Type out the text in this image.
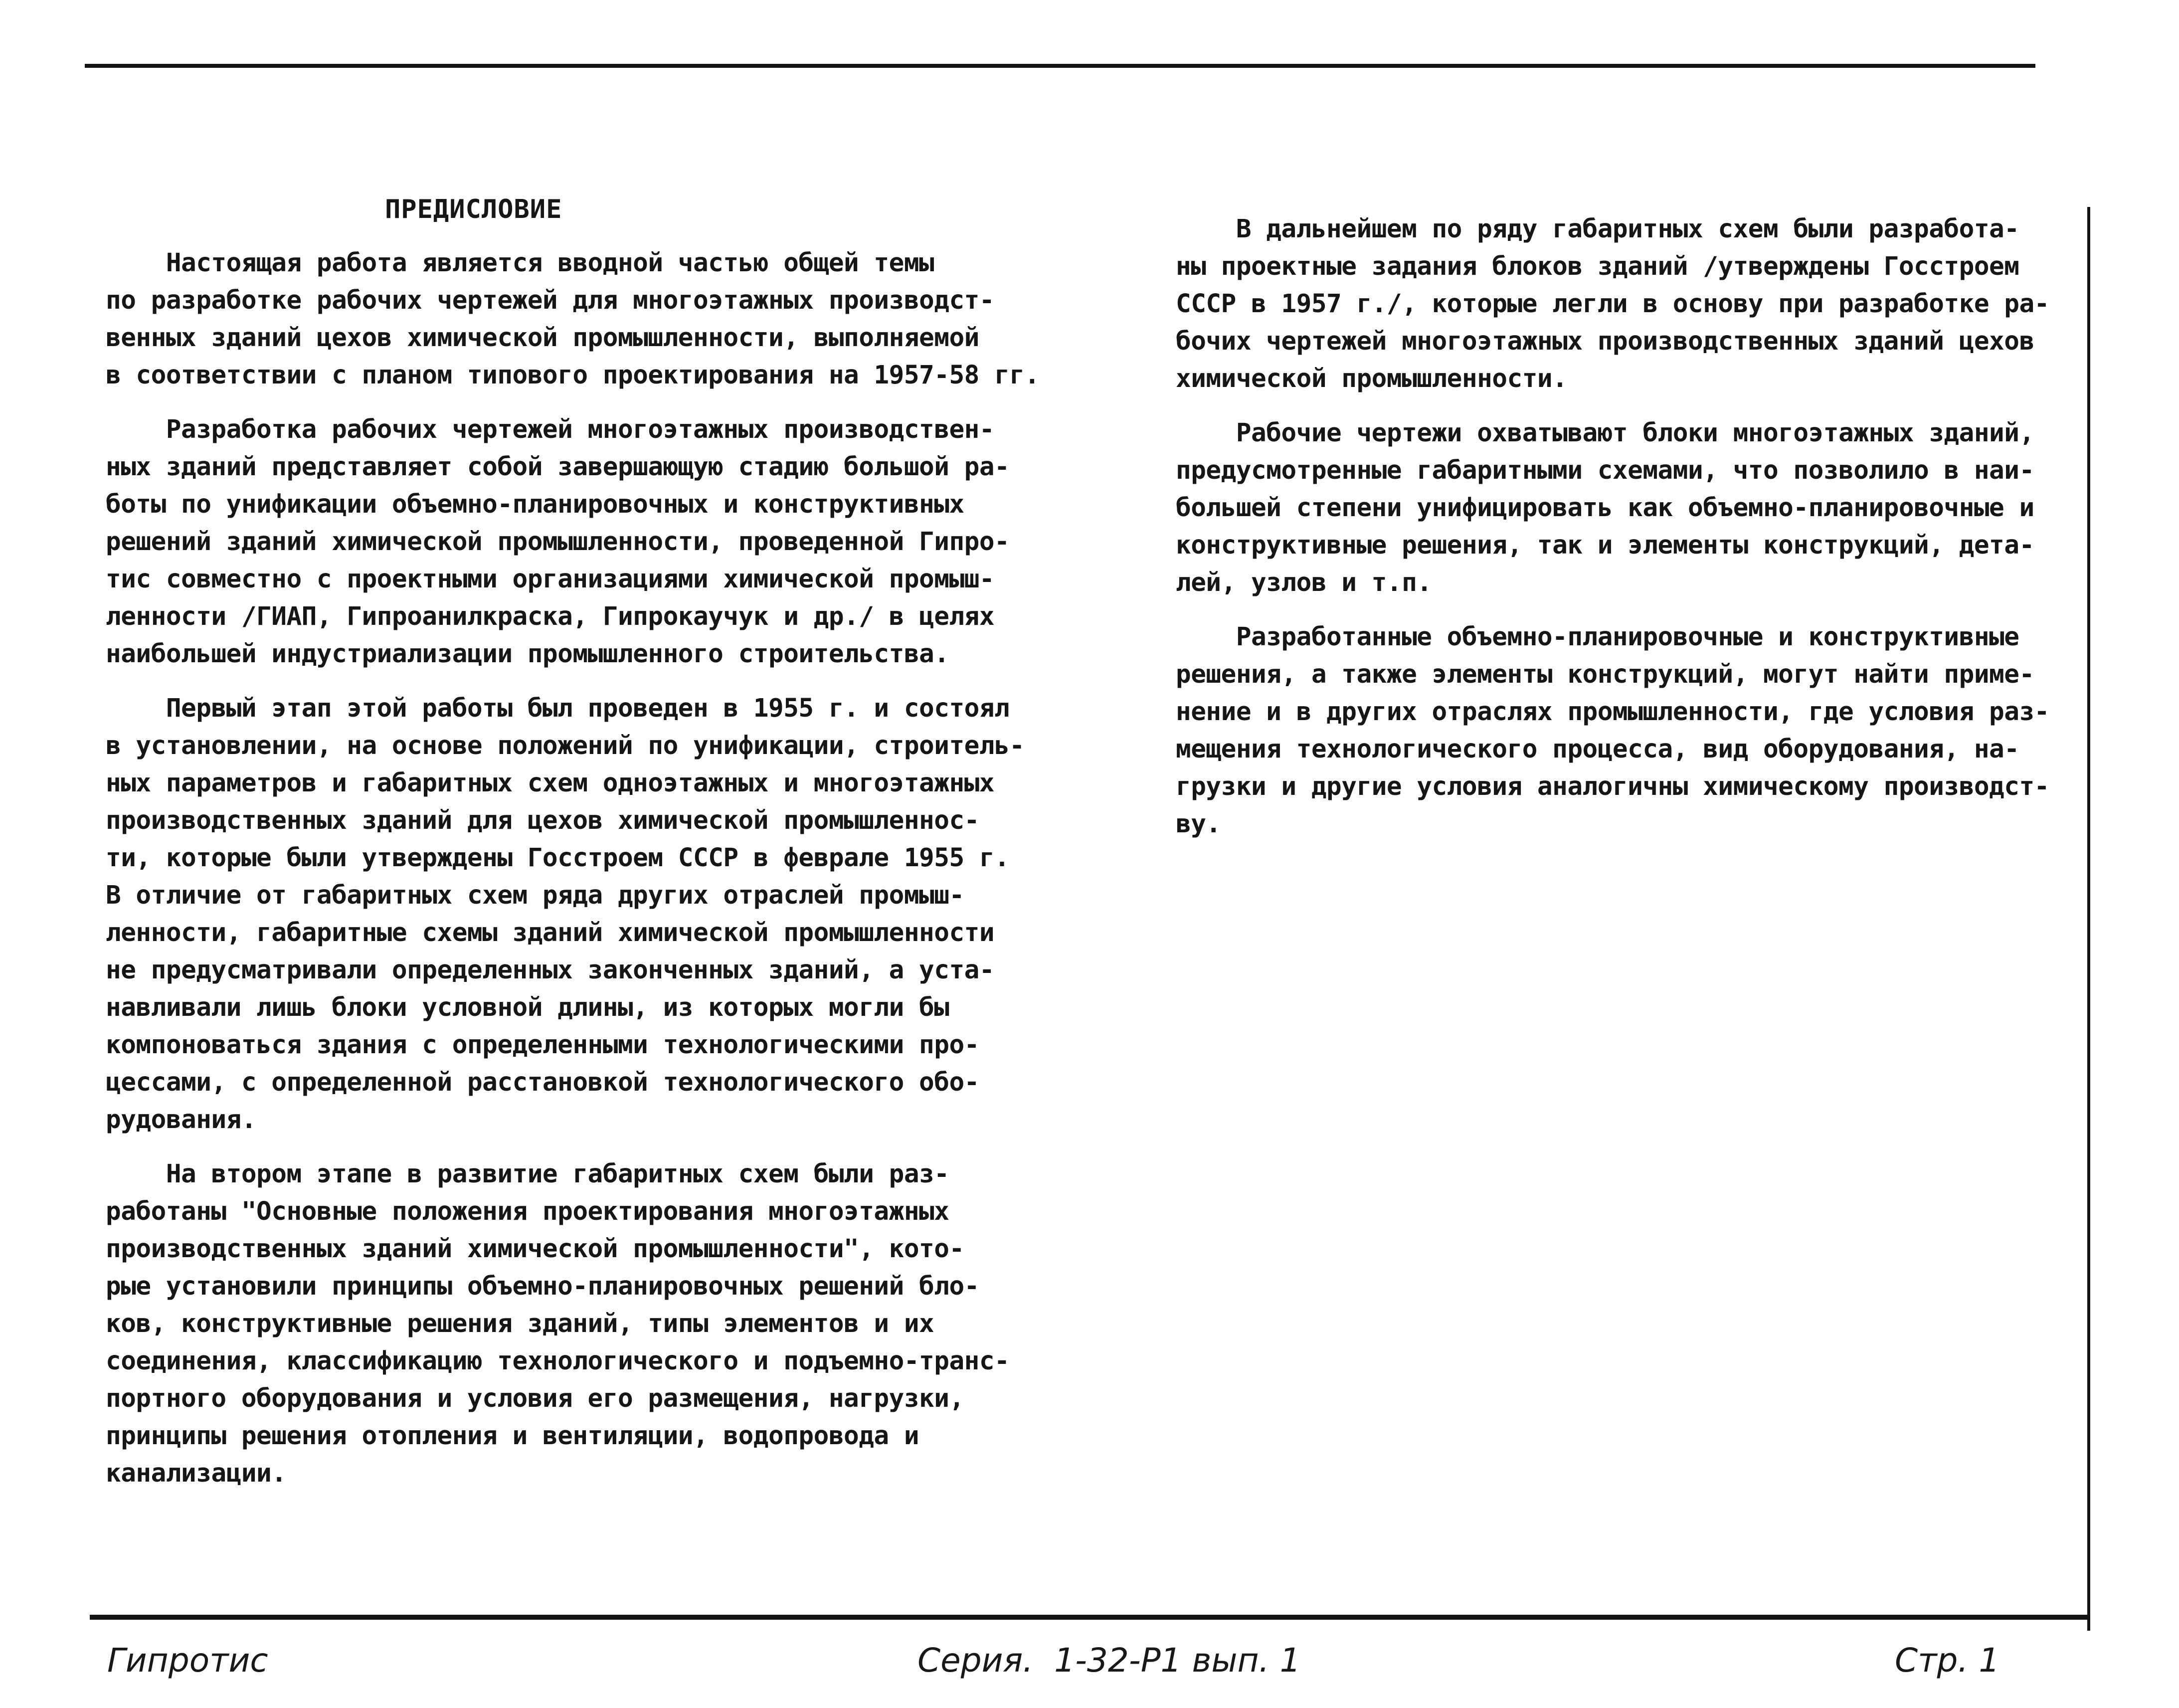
ПРЕДИСЛОВИЕ
Настоящая работа является вводной частью общей темы
по разработке рабочих чертежей для многоэтажных производст-
венных зданий цехов химической промышленности, выполняемой
в соответствии с планом типового проектирования на 1957-58 гг.
Разработка рабочих чертежей многоэтажных производствен-
ных зданий представляет собой завершающую стадию большой ра-
боты по унификации объемно-планировочных и конструктивных
решений зданий химической промышленности, проведенной Гипро-
тис совместно с проектными организациями химической промыш-
ленности /ГИАП, Гипроанилкраска, Гипрокаучук и др./ в целях
наибольшей индустриализации промышленного строительства.
Первый этап этой работы был проведен в 1955 г. и состоял
в установлении, на основе положений по унификации, строитель-
ных параметров и габаритных схем одноэтажных и многоэтажных
производственных зданий для цехов химической промышленнос-
ти, которые были утверждены Госстроем СССР в феврале 1955 г.
В отличие от габаритных схем ряда других отраслей промыш-
ленности, габаритные схемы зданий химической промышленности
не предусматривали определенных законченных зданий, а уста-
навливали лишь блоки условной длины, из которых могли бы
компоноваться здания с определенными технологическими про-
цессами, с определенной расстановкой технологического обо-
рудования.
На втором этапе в развитие габаритных схем были раз-
работаны "Основные положения проектирования многоэтажных
производственных зданий химической промышленности", кото-
рые установили принципы объемно-планировочных решений бло-
ков, конструктивные решения зданий, типы элементов и их
соединения, классификацию технологического и подъемно-транс-
портного оборудования и условия его размещения, нагрузки,
принципы решения отопления и вентиляции, водопровода и
канализации.
В дальнейшем по ряду габаритных схем были разработа-
ны проектные задания блоков зданий /утверждены Госстроем
СССР в 1957 г./, которые легли в основу при разработке ра-
бочих чертежей многоэтажных производственных зданий цехов
химической промышленности.
Рабочие чертежи охватывают блоки многоэтажных зданий,
предусмотренные габаритными схемами, что позволило в наи-
большей степени унифицировать как объемно-планировочные и
конструктивные решения, так и элементы конструкций, дета-
лей, узлов и т.п.
Разработанные объемно-планировочные и конструктивные
решения, а также элементы конструкций, могут найти приме-
нение и в других отраслях промышленности, где условия раз-
мещения технологического процесса, вид оборудования, на-
грузки и другие условия аналогичны химическому производст-
ву.
Гипротис	Серия.  1-32-Р1 вып. 1	Стр. 1
